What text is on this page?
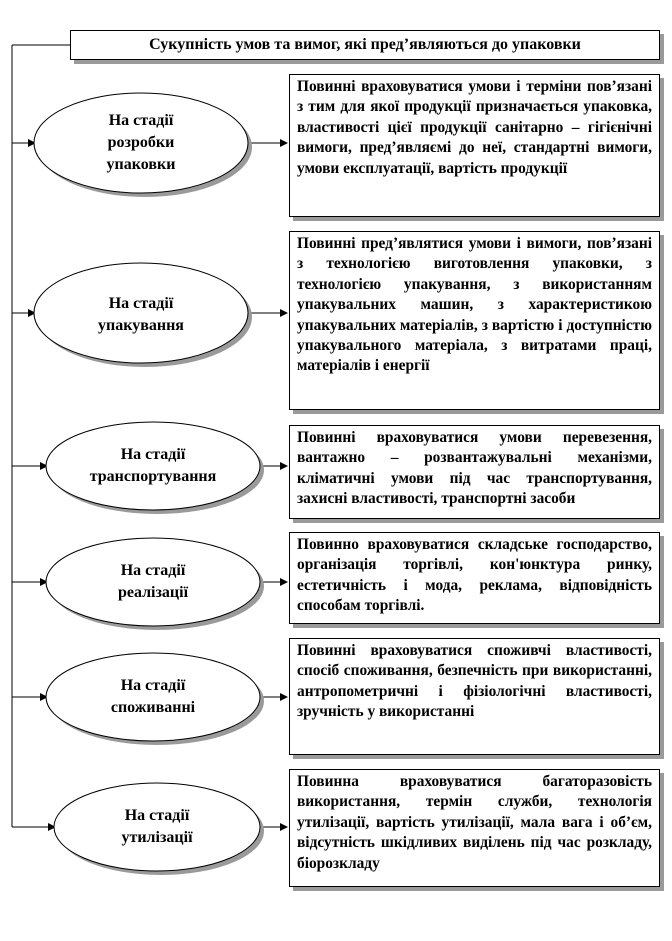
Сукупність умов та вимог, які пред’являються до упаковки
На стадії розробки упаковки
На стадії упакування
На стадії транспортування
На стадії реалізації
На стадії споживанні
На стадії утилізації
Повинні враховуватися умови і терміни пов’язані з тим для якої продукції призначається упаковка, властивості цієї продукції санітарно – гігієнічні вимоги, пред’являємі до неї, стандартні вимоги, умови експлуатації, вартість продукції
Повинні пред’являтися умови і вимоги, пов’язані з технологією виготовлення упаковки, з технологією упакування, з використанням упакувальних машин, з характеристикою упакувальних матеріалів, з вартістю і доступністю упакувального матеріала, з витратами праці, матеріалів і енергії
Повинні враховуватися умови перевезення, вантажно – розвантажувальні механізми, кліматичні умови під час транспортування, захисні властивості, транспортні засоби
Повинно враховуватися складське господарство, організація торгівлі, кон'юнктура ринку, естетичність і мода, реклама, відповідність способам торгівлі.
Повинні враховуватися споживчі властивості, спосіб споживання, безпечність при використанні, антропометричні і фізіологічні властивості, зручність у використанні
Повинна враховуватися багаторазовість використання, термін служби, технологія утилізації, вартість утилізації, мала вага і об’єм, відсутність шкідливих виділень під час розкладу, біорозкладу
